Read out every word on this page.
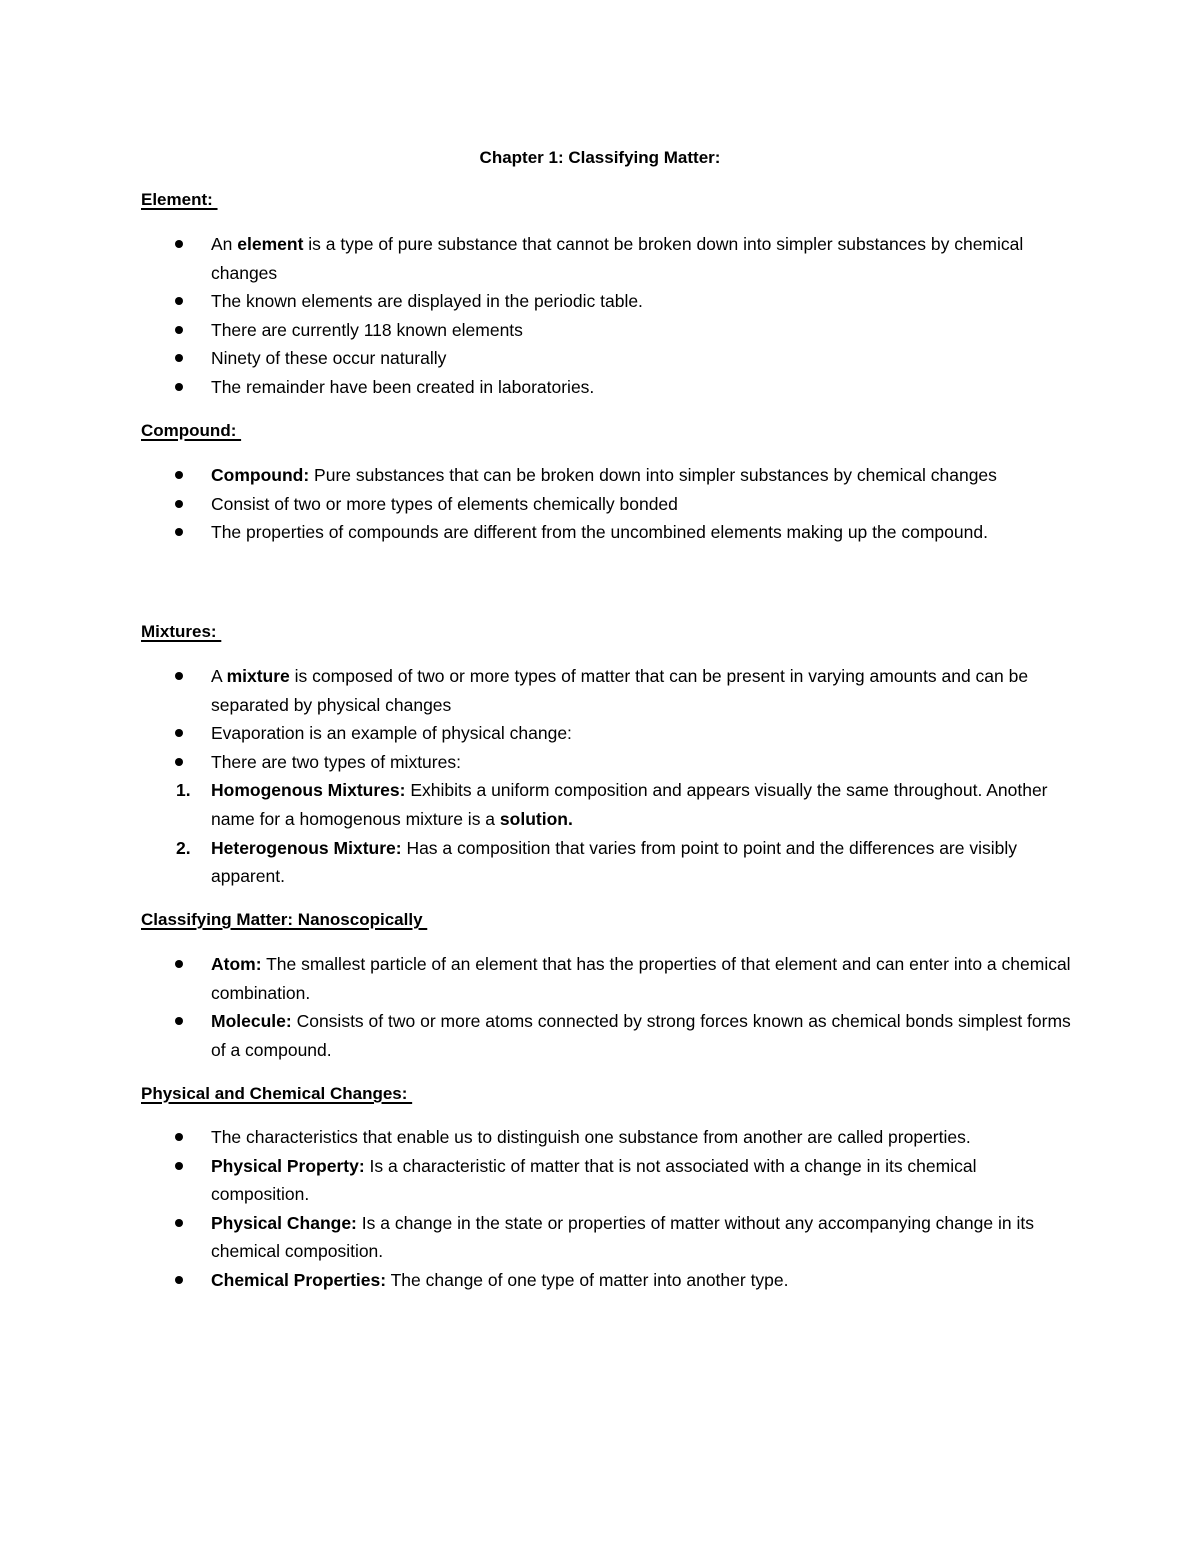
Chapter 1: Classifying Matter:
Element:
An element is a type of pure substance that cannot be broken down into simpler substances by chemical changes
The known elements are displayed in the periodic table.
There are currently 118 known elements
Ninety of these occur naturally
The remainder have been created in laboratories.
Compound:
Compound: Pure substances that can be broken down into simpler substances by chemical changes
Consist of two or more types of elements chemically bonded
The properties of compounds are different from the uncombined elements making up the compound.
Mixtures:
A mixture is composed of two or more types of matter that can be present in varying amounts and can be separated by physical changes
Evaporation is an example of physical change:
There are two types of mixtures:
1. Homogenous Mixtures: Exhibits a uniform composition and appears visually the same throughout. Another name for a homogenous mixture is a solution.
2. Heterogenous Mixture: Has a composition that varies from point to point and the differences are visibly apparent.
Classifying Matter: Nanoscopically
Atom: The smallest particle of an element that has the properties of that element and can enter into a chemical combination.
Molecule: Consists of two or more atoms connected by strong forces known as chemical bonds simplest forms of a compound.
Physical and Chemical Changes:
The characteristics that enable us to distinguish one substance from another are called properties.
Physical Property: Is a characteristic of matter that is not associated with a change in its chemical composition.
Physical Change: Is a change in the state or properties of matter without any accompanying change in its chemical composition.
Chemical Properties: The change of one type of matter into another type.
